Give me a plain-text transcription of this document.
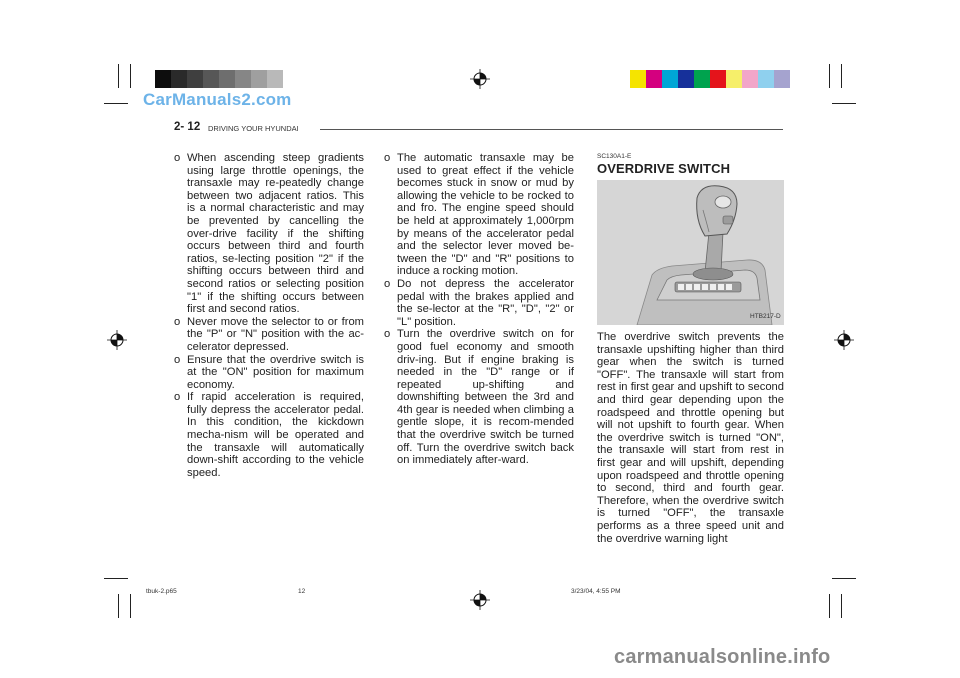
CarManuals2.com
2- 12 DRIVING YOUR HYUNDAI

o When ascending steep gradients using large throttle openings, the transaxle may re-peatedly change between two adjacent ratios. This is a normal characteristic and may be prevented by cancelling the over-drive facility if the shifting occurs between third and fourth ratios, se-lecting position "2" if the shifting occurs between third and second ratios or selecting position "1" if the shifting occurs between first and second ratios.

o Never move the selector to or from the "P" or "N" position with the ac-celerator depressed.

o Ensure that the overdrive switch is at the "ON" position for maximum economy.

o If rapid acceleration is required, fully depress the accelerator pedal. In this condition, the kickdown mecha-nism will be operated and the transaxle will automatically down-shift according to the vehicle speed.

o The automatic transaxle may be used to great effect if the vehicle becomes stuck in snow or mud by allowing the vehicle to be rocked to and fro. The engine speed should be held at approximately 1,000rpm by means of the accelerator pedal and the selector lever moved be-tween the "D" and "R" positions to induce a rocking motion.

o Do not depress the accelerator pedal with the brakes applied and the se-lector at the "R", "D", "2" or "L" position.

o Turn the overdrive switch on for good fuel economy and smooth driv-ing. But if engine braking is needed in the "D" range or if repeated up-shifting and downshifting between the 3rd and 4th gear is needed when climbing a gentle slope, it is recom-mended that the overdrive switch be turned off. Turn the overdrive switch back on immediately after-ward.

SC130A1-E
OVERDRIVE SWITCH
HTB217-D
The overdrive switch prevents the transaxle upshifting higher than third gear when the switch is turned "OFF". The transaxle will start from rest in first gear and upshift to second and third gear depending upon the roadspeed and throttle opening but will not upshift to fourth gear. When the overdrive switch is turned "ON", the transaxle will start from rest in first gear and will upshift, depending upon roadspeed and throttle opening to second, third and fourth gear. Therefore, when the overdrive switch is turned "OFF", the transaxle performs as a three speed unit and the overdrive warning light
tbuk-2.p65	12	3/23/04, 4:55 PM
carmanualsonline.info
